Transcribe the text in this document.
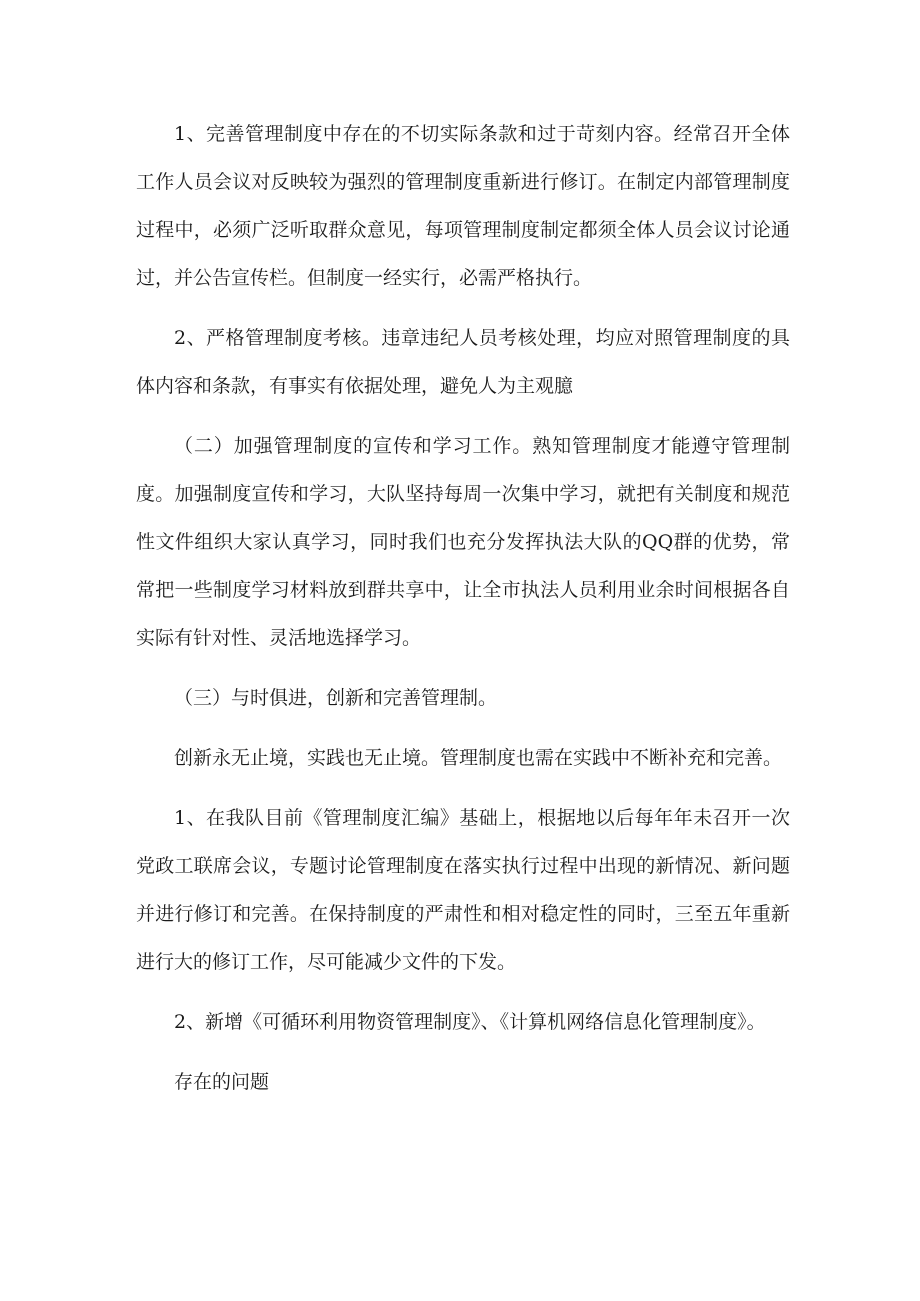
1、完善管理制度中存在的不切实际条款和过于苛刻内容。经常召开全体工作人员会议对反映较为强烈的管理制度重新进行修订。在制定内部管理制度过程中，必须广泛听取群众意见，每项管理制度制定都须全体人员会议讨论通过，并公告宣传栏。但制度一经实行，必需严格执行。

2、严格管理制度考核。违章违纪人员考核处理，均应对照管理制度的具体内容和条款，有事实有依据处理，避免人为主观臆

（二）加强管理制度的宣传和学习工作。熟知管理制度才能遵守管理制度。加强制度宣传和学习，大队坚持每周一次集中学习，就把有关制度和规范性文件组织大家认真学习，同时我们也充分发挥执法大队的QQ群的优势，常常把一些制度学习材料放到群共享中，让全市执法人员利用业余时间根据各自实际有针对性、灵活地选择学习。

（三）与时俱进，创新和完善管理制。

创新永无止境，实践也无止境。管理制度也需在实践中不断补充和完善。

1、在我队目前《管理制度汇编》基础上，根据地以后每年年未召开一次党政工联席会议，专题讨论管理制度在落实执行过程中出现的新情况、新问题并进行修订和完善。在保持制度的严肃性和相对稳定性的同时，三至五年重新进行大的修订工作，尽可能减少文件的下发。

2、新增《可循环利用物资管理制度》、《计算机网络信息化管理制度》。

存在的问题
